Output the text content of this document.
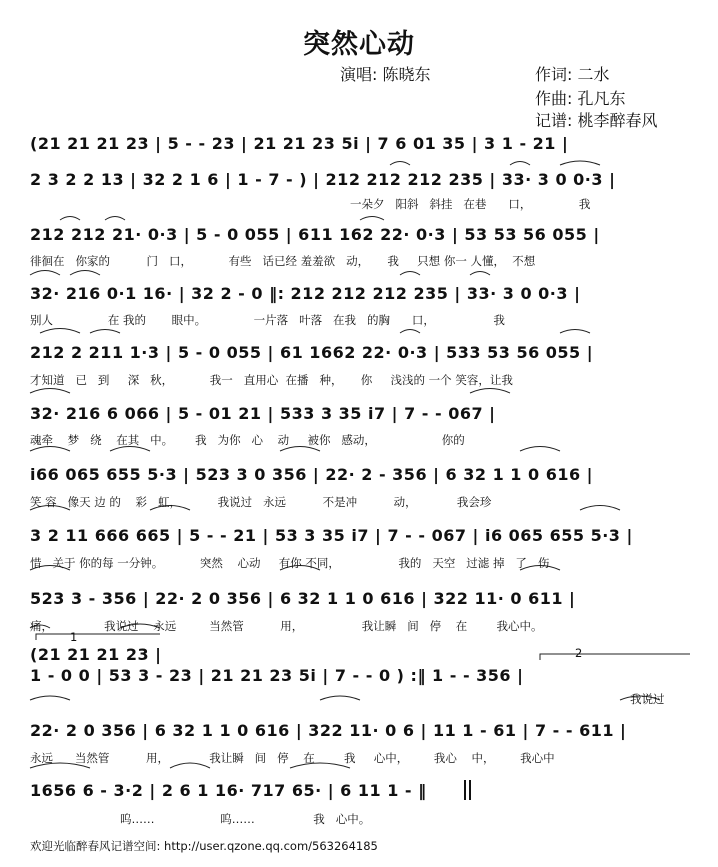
突然心动
演唱: 陈晓东	作词: 二水
作曲: 孔凡东
记谱: 桃李醉春风
(21 21 21 23 | 5 - - 23 | 21 21 23 5i | 7 6 01 35 | 3 1 - 21 |
2 3 2 2 13 | 32 2 1 6 | 1 - 7 - ) | 212 212 212 235 | 33· 3 0 0·3 |
一朵夕   阳斜   斜挂   在巷      口，             我
212 212 21· 0·3 | 5 - 0 055 | 611 162 22· 0·3 | 53 53 56 055 |
徘徊在   你家的          门   口，          有些   话已经 羞羞欲   动，     我     只想 你一 人懂，  不想
32· 216 0·1 16· | 32 2 - 0 ‖: 212 212 212 235 | 33· 3 0 0·3 |
别人               在 我的       眼中。             一片落   叶落   在我   的胸      口，                我
212 2 211 1·3 | 5 - 0 055 | 61 1662 22· 0·3 | 533 53 56 055 |
才知道   已   到     深   秋，          我一   直用心  在播   种，     你     浅浅的 一个 笑容，让我
32· 216 6 066 | 5 - 01 21 | 533 3 35 i7 | 7 - - 067 |
魂牵    梦   绕    在其   中。      我   为你   心    动     被你   感动，                  你的
i66 065 655 5·3 | 523 3 0 356 | 22· 2 - 356 | 6 32 1 1 0 616 |
笑 容   像天 边 的    彩   虹，          我说过   永远          不是冲          动，           我会珍
3 2 11 666 665 | 5 - - 21 | 53 3 35 i7 | 7 - - 067 | i6 065 655 5·3 |
惜   关于 你的每 一分钟。          突然    心动     有你 不同，                我的   天空   过滤 掉   了   伤
523 3 - 356 | 22· 2 0 356 | 6 32 1 1 0 616 | 322 11· 0 611 |
痛，              我说过    永远         当然管          用，                我让瞬   间   停    在        我心中。
1
2
(21 21 21 23 |
1 - 0 0 | 53 3 - 23 | 21 21 23 5i | 7 - - 0 ) :‖ 1 - - 356 |
我说过
22· 2 0 356 | 6 32 1 1 0 616 | 322 11· 0 6 | 11 1 - 61 | 7 - - 611 |
永远      当然管          用，           我让瞬   间   停    在        我     心中，       我心    中，       我心中
1656 6 - 3·2 | 2 6 1 16· 717 65· | 6 11 1 - ‖
呜……                  呜……                我   心中。
欢迎光临醉春风记谱空间: http://user.qzone.qq.com/563264185
